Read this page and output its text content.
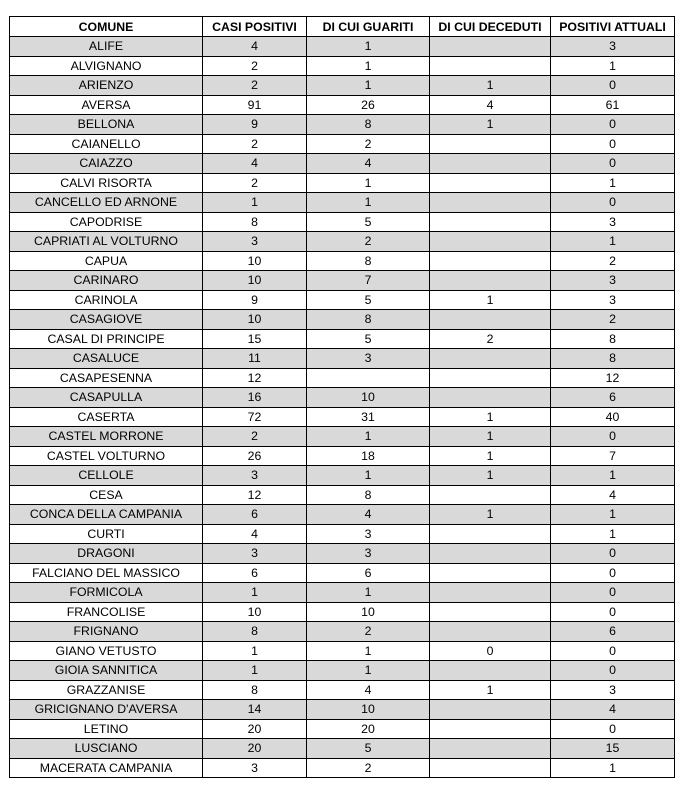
COMUNE	CASI POSITIVI	DI CUI GUARITI	DI CUI DECEDUTI	POSITIVI ATTUALI
ALIFE	4	1		3
ALVIGNANO	2	1		1
ARIENZO	2	1	1	0
AVERSA	91	26	4	61
BELLONA	9	8	1	0
CAIANELLO	2	2		0
CAIAZZO	4	4		0
CALVI RISORTA	2	1		1
CANCELLO ED ARNONE	1	1		0
CAPODRISE	8	5		3
CAPRIATI AL VOLTURNO	3	2		1
CAPUA	10	8		2
CARINARO	10	7		3
CARINOLA	9	5	1	3
CASAGIOVE	10	8		2
CASAL DI PRINCIPE	15	5	2	8
CASALUCE	11	3		8
CASAPESENNA	12			12
CASAPULLA	16	10		6
CASERTA	72	31	1	40
CASTEL MORRONE	2	1	1	0
CASTEL VOLTURNO	26	18	1	7
CELLOLE	3	1	1	1
CESA	12	8		4
CONCA DELLA CAMPANIA	6	4	1	1
CURTI	4	3		1
DRAGONI	3	3		0
FALCIANO DEL MASSICO	6	6		0
FORMICOLA	1	1		0
FRANCOLISE	10	10		0
FRIGNANO	8	2		6
GIANO VETUSTO	1	1	0	0
GIOIA SANNITICA	1	1		0
GRAZZANISE	8	4	1	3
GRICIGNANO D'AVERSA	14	10		4
LETINO	20	20		0
LUSCIANO	20	5		15
MACERATA CAMPANIA	3	2		1
